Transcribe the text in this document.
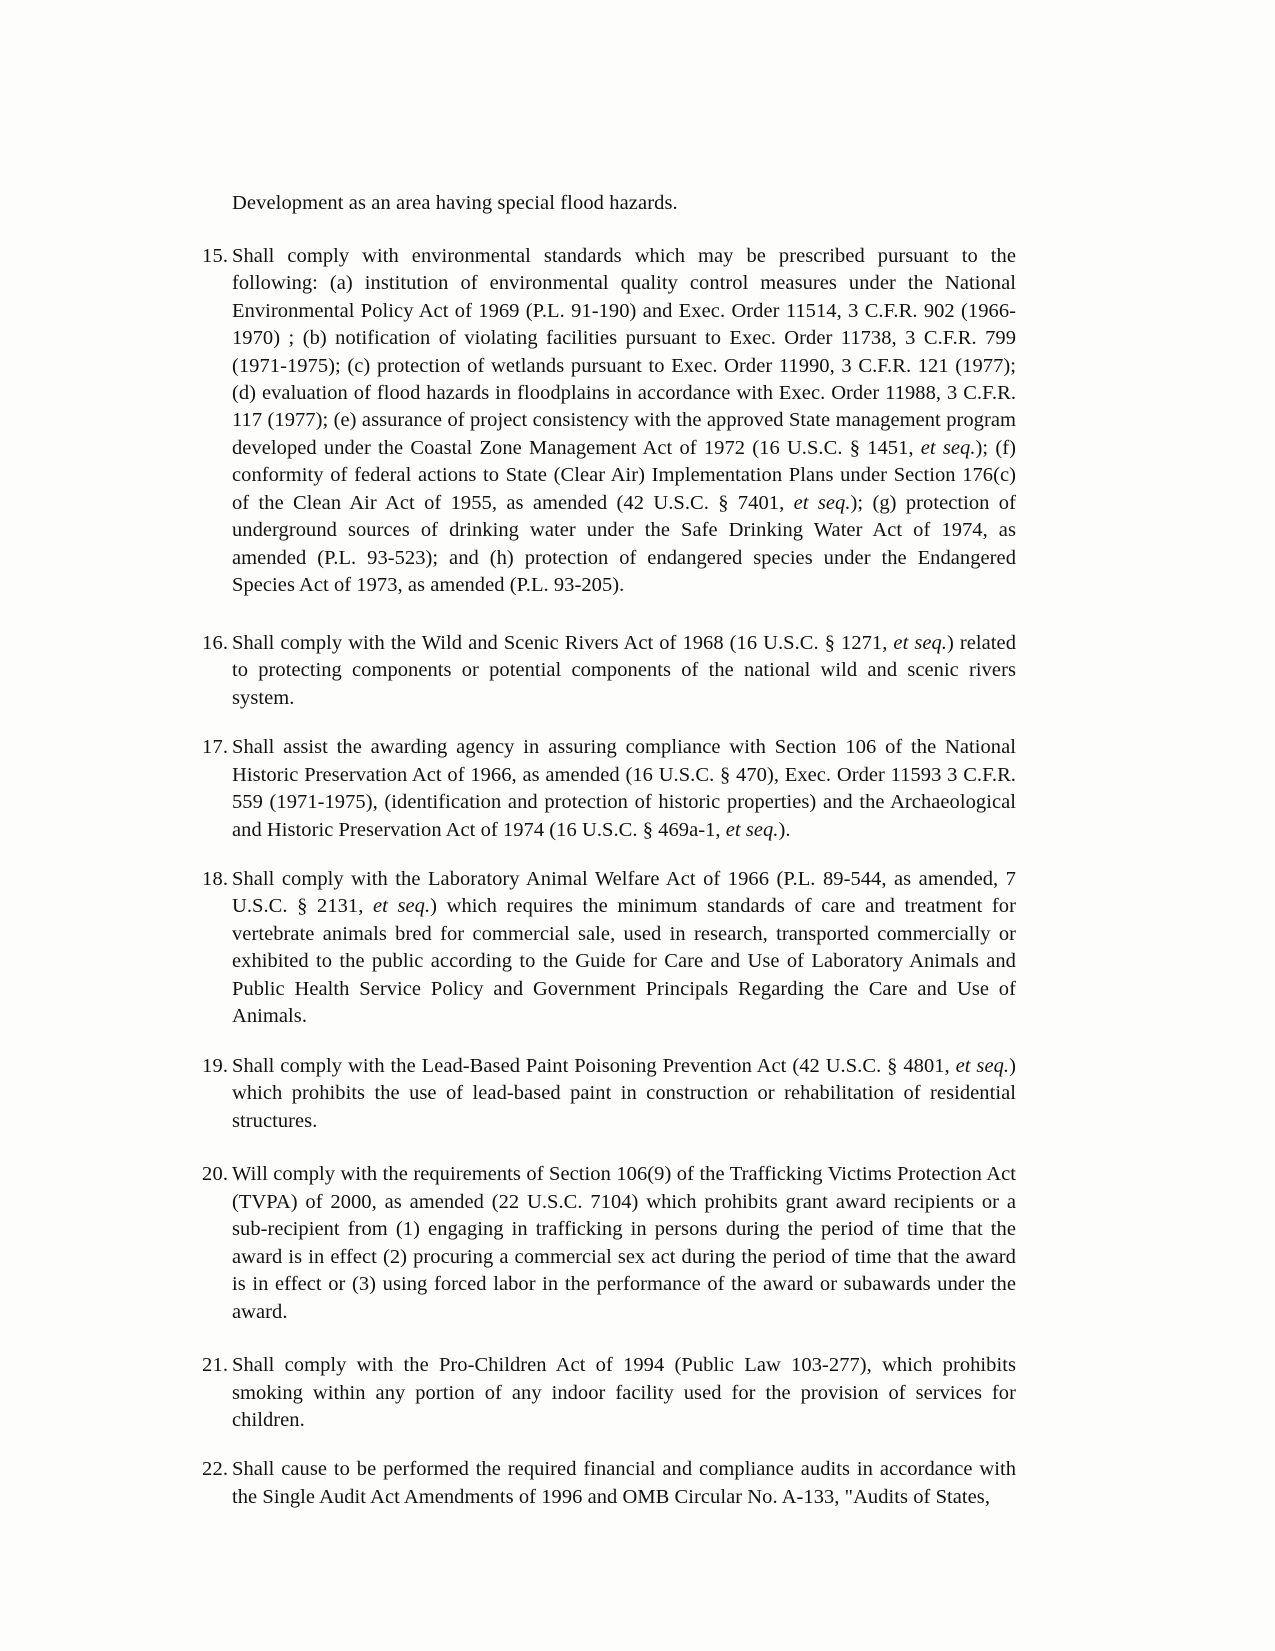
Development as an area having special flood hazards.

15. Shall comply with environmental standards which may be prescribed pursuant to the following: (a) institution of environmental quality control measures under the National Environmental Policy Act of 1969 (P.L. 91-190) and Exec. Order 11514, 3 C.F.R. 902 (1966-1970) ; (b) notification of violating facilities pursuant to Exec. Order 11738, 3 C.F.R. 799 (1971-1975); (c) protection of wetlands pursuant to Exec. Order 11990, 3 C.F.R. 121 (1977); (d) evaluation of flood hazards in floodplains in accordance with Exec. Order 11988, 3 C.F.R. 117 (1977); (e) assurance of project consistency with the approved State management program developed under the Coastal Zone Management Act of 1972 (16 U.S.C. § 1451, et seq.); (f) conformity of federal actions to State (Clear Air) Implementation Plans under Section 176(c) of the Clean Air Act of 1955, as amended (42 U.S.C. § 7401, et seq.); (g) protection of underground sources of drinking water under the Safe Drinking Water Act of 1974, as amended (P.L. 93-523); and (h) protection of endangered species under the Endangered Species Act of 1973, as amended (P.L. 93-205).
16. Shall comply with the Wild and Scenic Rivers Act of 1968 (16 U.S.C. § 1271, et seq.) related to protecting components or potential components of the national wild and scenic rivers system.
17. Shall assist the awarding agency in assuring compliance with Section 106 of the National Historic Preservation Act of 1966, as amended (16 U.S.C. § 470), Exec. Order 11593 3 C.F.R. 559 (1971-1975), (identification and protection of historic properties) and the Archaeological and Historic Preservation Act of 1974 (16 U.S.C. § 469a-1, et seq.).
18. Shall comply with the Laboratory Animal Welfare Act of 1966 (P.L. 89-544, as amended, 7 U.S.C. § 2131, et seq.) which requires the minimum standards of care and treatment for vertebrate animals bred for commercial sale, used in research, transported commercially or exhibited to the public according to the Guide for Care and Use of Laboratory Animals and Public Health Service Policy and Government Principals Regarding the Care and Use of Animals.
19. Shall comply with the Lead-Based Paint Poisoning Prevention Act (42 U.S.C. § 4801, et seq.) which prohibits the use of lead-based paint in construction or rehabilitation of residential structures.
20. Will comply with the requirements of Section 106(9) of the Trafficking Victims Protection Act (TVPA) of 2000, as amended (22 U.S.C. 7104) which prohibits grant award recipients or a sub-recipient from (1) engaging in trafficking in persons during the period of time that the award is in effect (2) procuring a commercial sex act during the period of time that the award is in effect or (3) using forced labor in the performance of the award or subawards under the award.
21. Shall comply with the Pro-Children Act of 1994 (Public Law 103-277), which prohibits smoking within any portion of any indoor facility used for the provision of services for children.
22. Shall cause to be performed the required financial and compliance audits in accordance with the Single Audit Act Amendments of 1996 and OMB Circular No. A-133, "Audits of States,
